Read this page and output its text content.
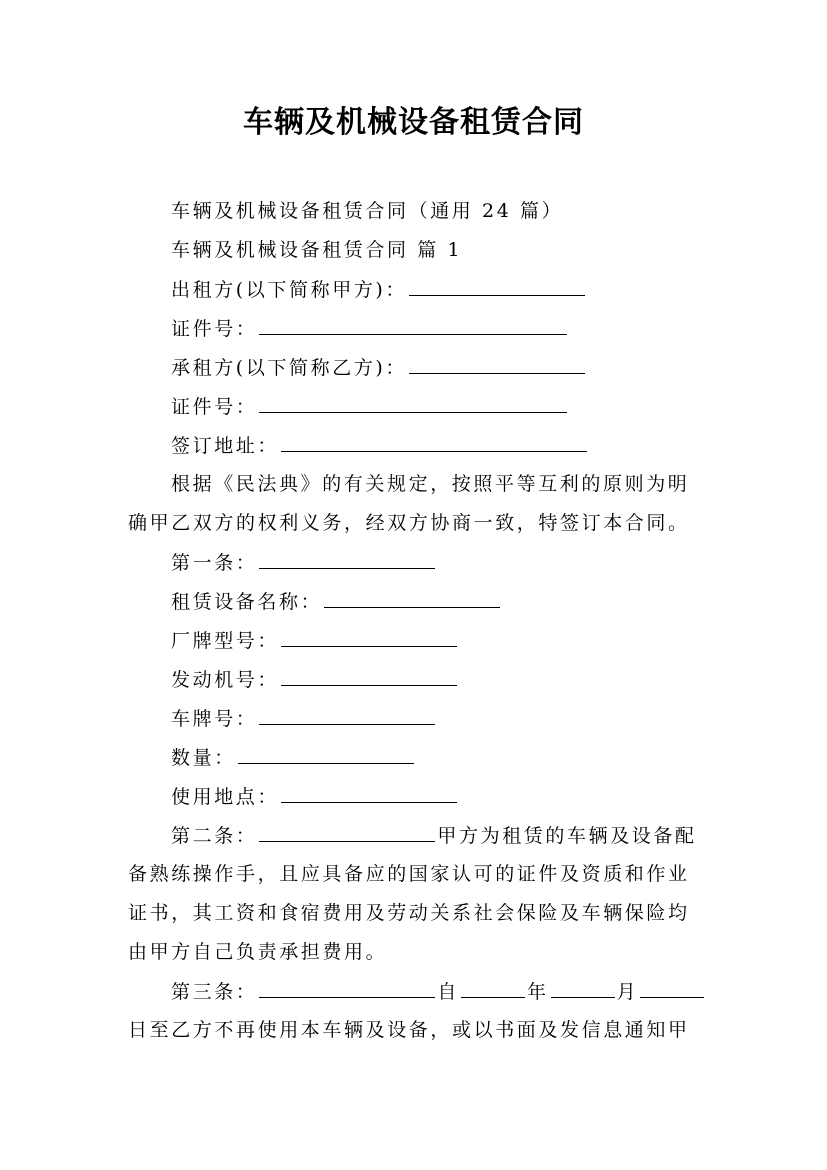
车辆及机械设备租赁合同
车辆及机械设备租赁合同（通用 24 篇）
车辆及机械设备租赁合同 篇 1
出租方(以下简称甲方)：
证件号：
承租方(以下简称乙方)：
证件号：
签订地址：
根据《民法典》的有关规定，按照平等互利的原则为明
确甲乙双方的权利义务，经双方协商一致，特签订本合同。
第一条：
租赁设备名称：
厂牌型号：
发动机号：
车牌号：
数量：
使用地点：
第二条：	甲方为租赁的车辆及设备配
备熟练操作手，且应具备应的国家认可的证件及资质和作业
证书，其工资和食宿费用及劳动关系社会保险及车辆保险均
由甲方自己负责承担费用。
第三条：	自	年	月
日至乙方不再使用本车辆及设备，或以书面及发信息通知甲
